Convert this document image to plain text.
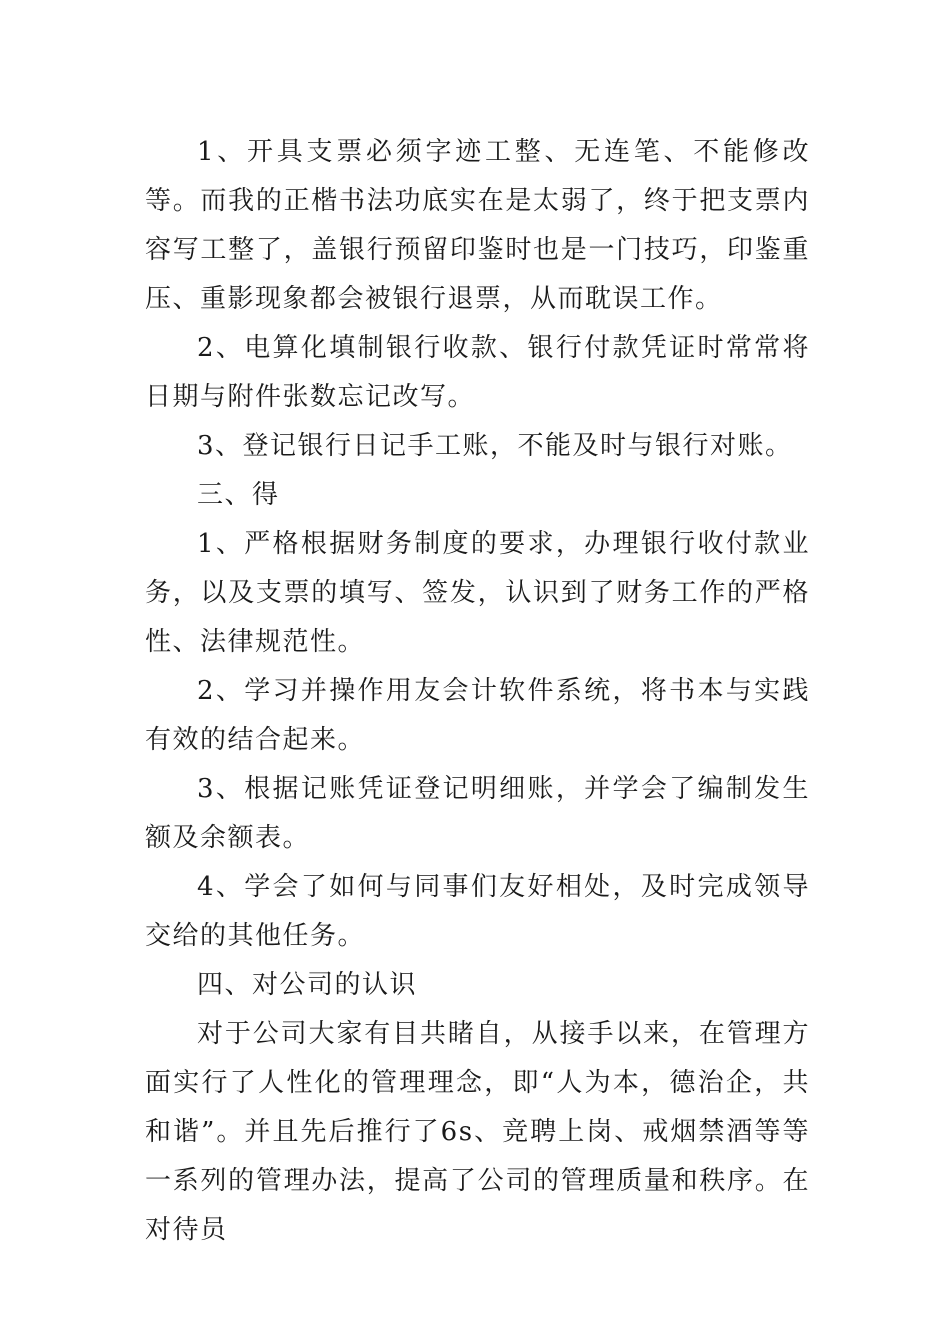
1、开具支票必须字迹工整、无连笔、不能修改等。而我的正楷书法功底实在是太弱了，终于把支票内容写工整了，盖银行预留印鉴时也是一门技巧，印鉴重压、重影现象都会被银行退票，从而耽误工作。

2、电算化填制银行收款、银行付款凭证时常常将日期与附件张数忘记改写。

3、登记银行日记手工账，不能及时与银行对账。

三、得

1、严格根据财务制度的要求，办理银行收付款业务，以及支票的填写、签发，认识到了财务工作的严格性、法律规范性。

2、学习并操作用友会计软件系统，将书本与实践有效的结合起来。

3、根据记账凭证登记明细账，并学会了编制发生额及余额表。

4、学会了如何与同事们友好相处，及时完成领导交给的其他任务。

四、对公司的认识

对于公司大家有目共睹自，从接手以来，在管理方面实行了人性化的管理理念，即“人为本，德治企，共和谐”。并且先后推行了6s、竞聘上岗、戒烟禁酒等等一系列的管理办法，提高了公司的管理质量和秩序。在对待员
